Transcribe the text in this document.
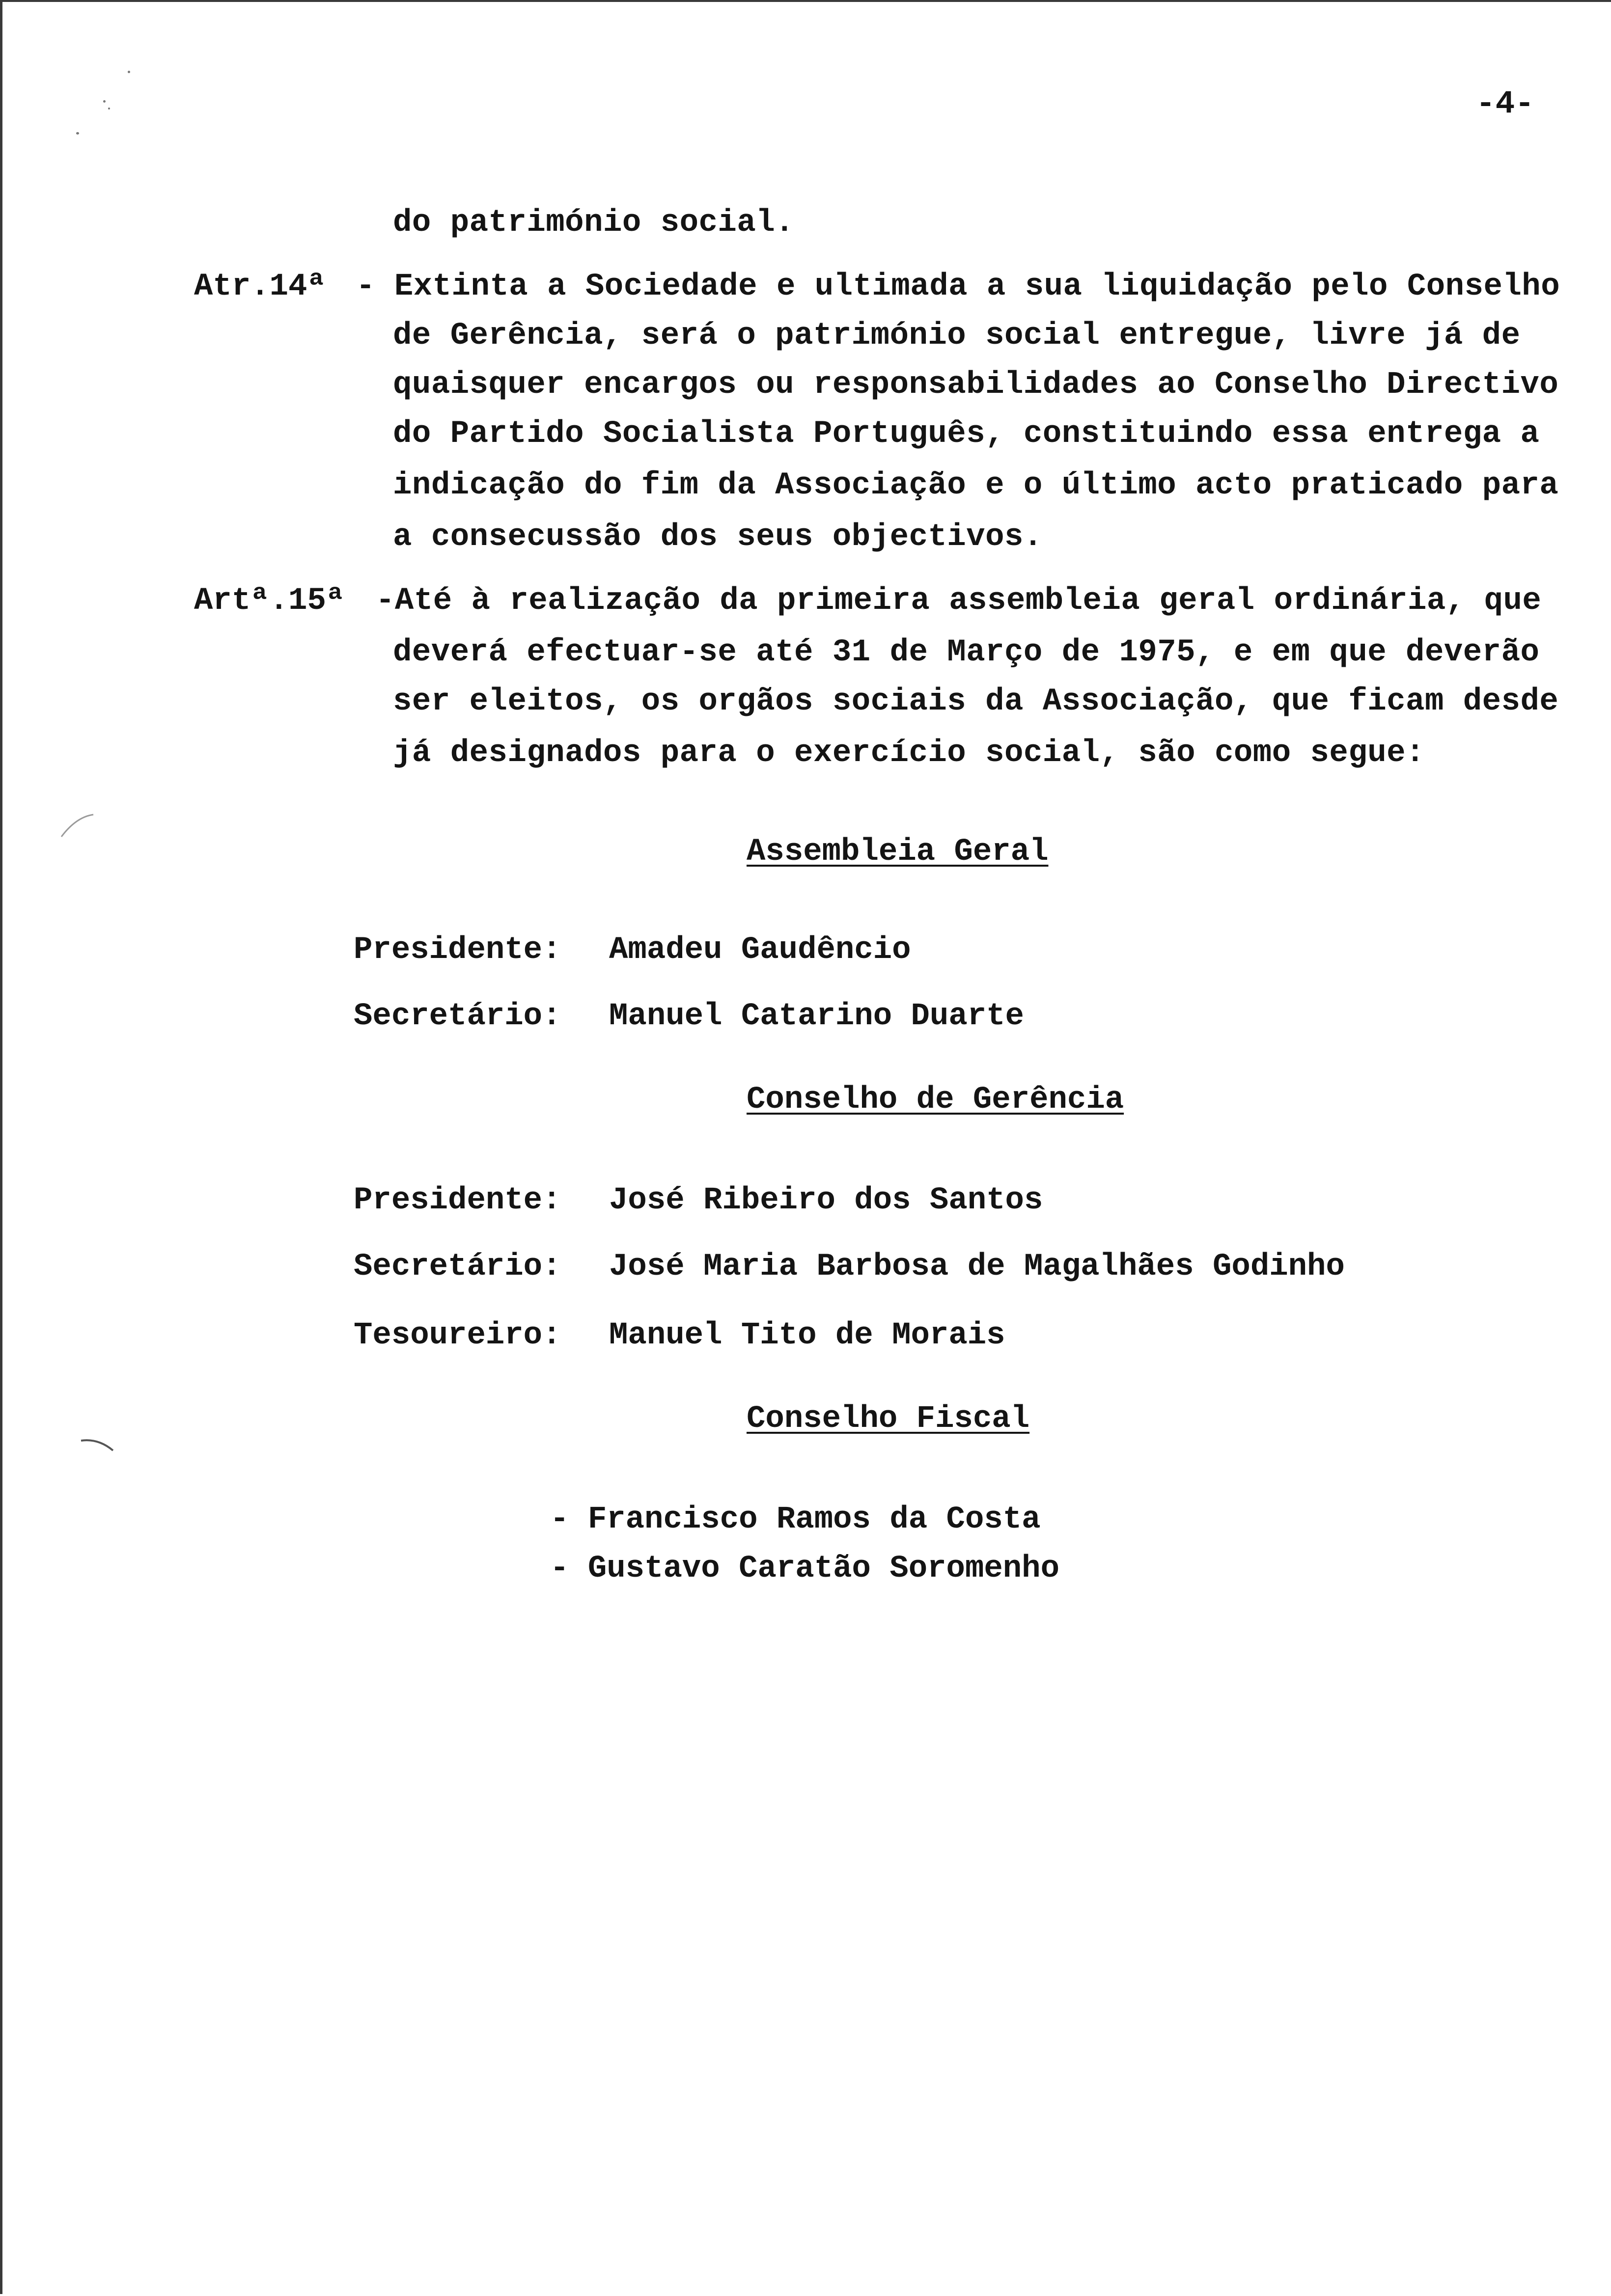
-4-
do património social.
Atr.14ª - Extinta a Sociedade e ultimada a sua liquidação pelo Conselho
de Gerência, será o património social entregue, livre já de
quaisquer encargos ou responsabilidades ao Conselho Directivo
do Partido Socialista Português, constituindo essa entrega a
indicação do fim da Associação e o último acto praticado para
a consecussão dos seus objectivos.
Artª.15ª -Até à realização da primeira assembleia geral ordinária, que
deverá efectuar-se até 31 de Março de 1975, e em que deverão
ser eleitos, os orgãos sociais da Associação, que ficam desde
já designados para o exercício social, são como segue:
Assembleia Geral
Presidente: Amadeu Gaudêncio
Secretário: Manuel Catarino Duarte
Conselho de Gerência
Presidente: José Ribeiro dos Santos
Secretário: José Maria Barbosa de Magalhães Godinho
Tesoureiro: Manuel Tito de Morais
Conselho Fiscal
- Francisco Ramos da Costa
- Gustavo Caratão Soromenho
